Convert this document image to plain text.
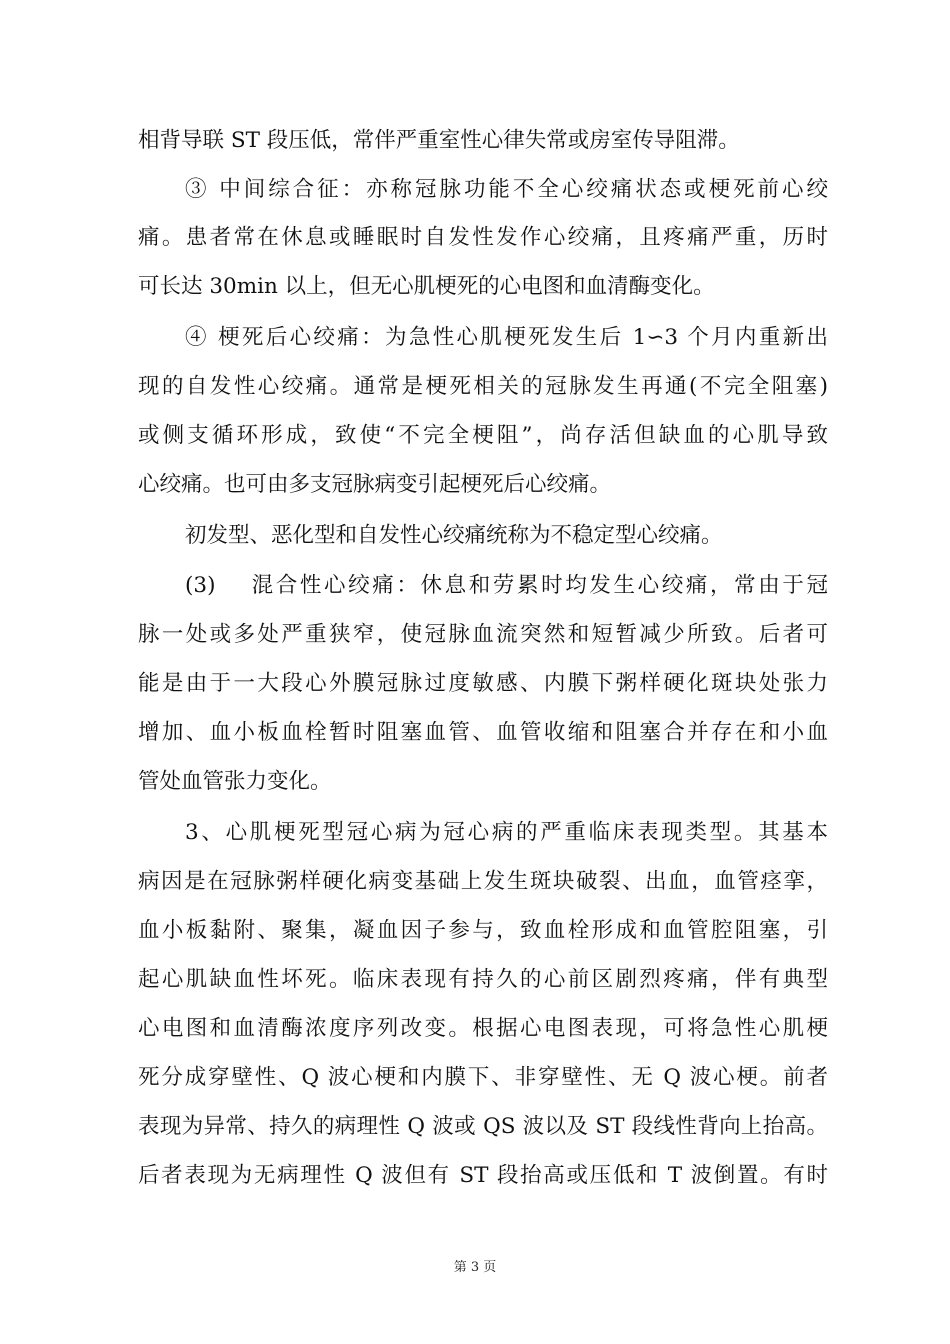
相背导联 ST 段压低，常伴严重室性心律失常或房室传导阻滞。
③ 中间综合征：亦称冠脉功能不全心绞痛状态或梗死前心绞
痛。患者常在休息或睡眠时自发性发作心绞痛，且疼痛严重，历时
可长达 30min 以上，但无心肌梗死的心电图和血清酶变化。
④ 梗死后心绞痛：为急性心肌梗死发生后 1∽3 个月内重新出
现的自发性心绞痛。通常是梗死相关的冠脉发生再通(不完全阻塞)
或侧支循环形成，致使“不完全梗阻”，尚存活但缺血的心肌导致
心绞痛。也可由多支冠脉病变引起梗死后心绞痛。
初发型、恶化型和自发性心绞痛统称为不稳定型心绞痛。
(3)　 混合性心绞痛：休息和劳累时均发生心绞痛，常由于冠
脉一处或多处严重狭窄，使冠脉血流突然和短暂减少所致。后者可
能是由于一大段心外膜冠脉过度敏感、内膜下粥样硬化斑块处张力
增加、血小板血栓暂时阻塞血管、血管收缩和阻塞合并存在和小血
管处血管张力变化。
3、心肌梗死型冠心病为冠心病的严重临床表现类型。其基本
病因是在冠脉粥样硬化病变基础上发生斑块破裂、出血，血管痉挛，
血小板黏附、聚集，凝血因子参与，致血栓形成和血管腔阻塞，引
起心肌缺血性坏死。临床表现有持久的心前区剧烈疼痛，伴有典型
心电图和血清酶浓度序列改变。根据心电图表现，可将急性心肌梗
死分成穿壁性、Q 波心梗和内膜下、非穿壁性、无 Q 波心梗。前者
表现为异常、持久的病理性 Q 波或 QS 波以及 ST 段线性背向上抬高。
后者表现为无病理性 Q 波但有 ST 段抬高或压低和 T 波倒置。有时
第 3 页
